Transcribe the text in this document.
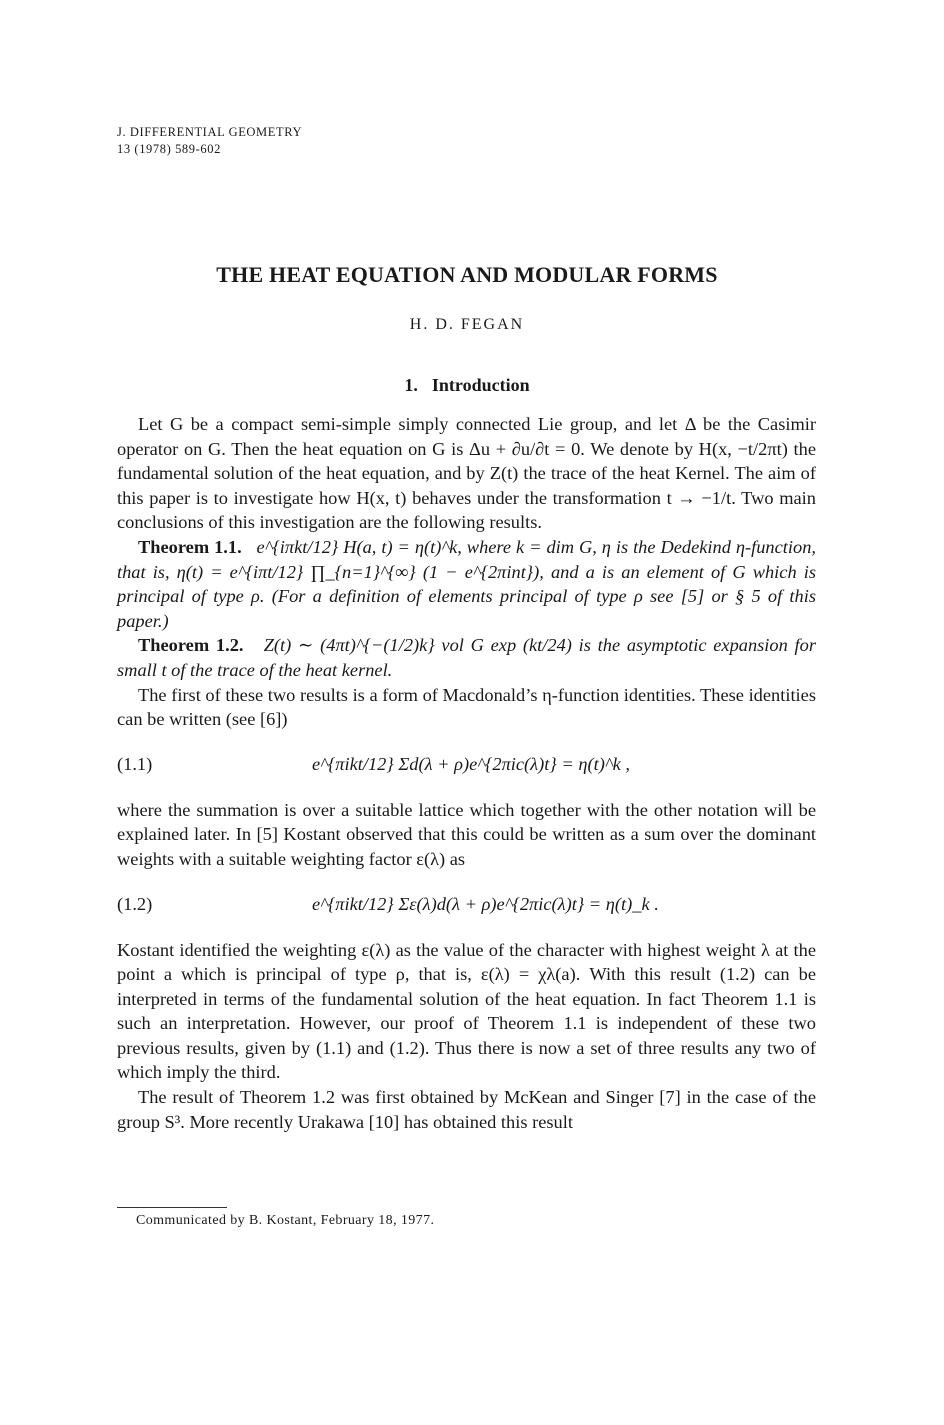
J. DIFFERENTIAL GEOMETRY
13 (1978) 589-602
THE HEAT EQUATION AND MODULAR FORMS
H. D. FEGAN
1. Introduction

Let G be a compact semi-simple simply connected Lie group, and let Δ be the Casimir operator on G. Then the heat equation on G is Δu + ∂u/∂t = 0. We denote by H(x, −t/2πt) the fundamental solution of the heat equation, and by Z(t) the trace of the heat Kernel. The aim of this paper is to investigate how H(x, t) behaves under the transformation t → −1/t. Two main conclusions of this investigation are the following results.

Theorem 1.1. e^{iπkt/12} H(a, t) = η(t)^k, where k = dim G, η is the Dedekind η-function, that is, η(t) = e^{iπt/12} ∏_{n=1}^{∞} (1 − e^{2πint}), and a is an element of G which is principal of type ρ. (For a definition of elements principal of type ρ see [5] or § 5 of this paper.)

Theorem 1.2. Z(t) ∼ (4πt)^{−(1/2)k} vol G exp (kt/24) is the asymptotic expansion for small t of the trace of the heat kernel.

The first of these two results is a form of Macdonald’s η-function identities. These identities can be written (see [6])

(1.1)	e^{πikt/12} Σd(λ + ρ)e^{2πic(λ)t} = η(t)^k ,

where the summation is over a suitable lattice which together with the other notation will be explained later. In [5] Kostant observed that this could be written as a sum over the dominant weights with a suitable weighting factor ε(λ) as

(1.2)	e^{πikt/12} Σε(λ)d(λ + ρ)e^{2πic(λ)t} = η(t)_k .

Kostant identified the weighting ε(λ) as the value of the character with highest weight λ at the point a which is principal of type ρ, that is, ε(λ) = χλ(a). With this result (1.2) can be interpreted in terms of the fundamental solution of the heat equation. In fact Theorem 1.1 is such an interpretation. However, our proof of Theorem 1.1 is independent of these two previous results, given by (1.1) and (1.2). Thus there is now a set of three results any two of which imply the third.

The result of Theorem 1.2 was first obtained by McKean and Singer [7] in the case of the group S³. More recently Urakawa [10] has obtained this result

Communicated by B. Kostant, February 18, 1977.
